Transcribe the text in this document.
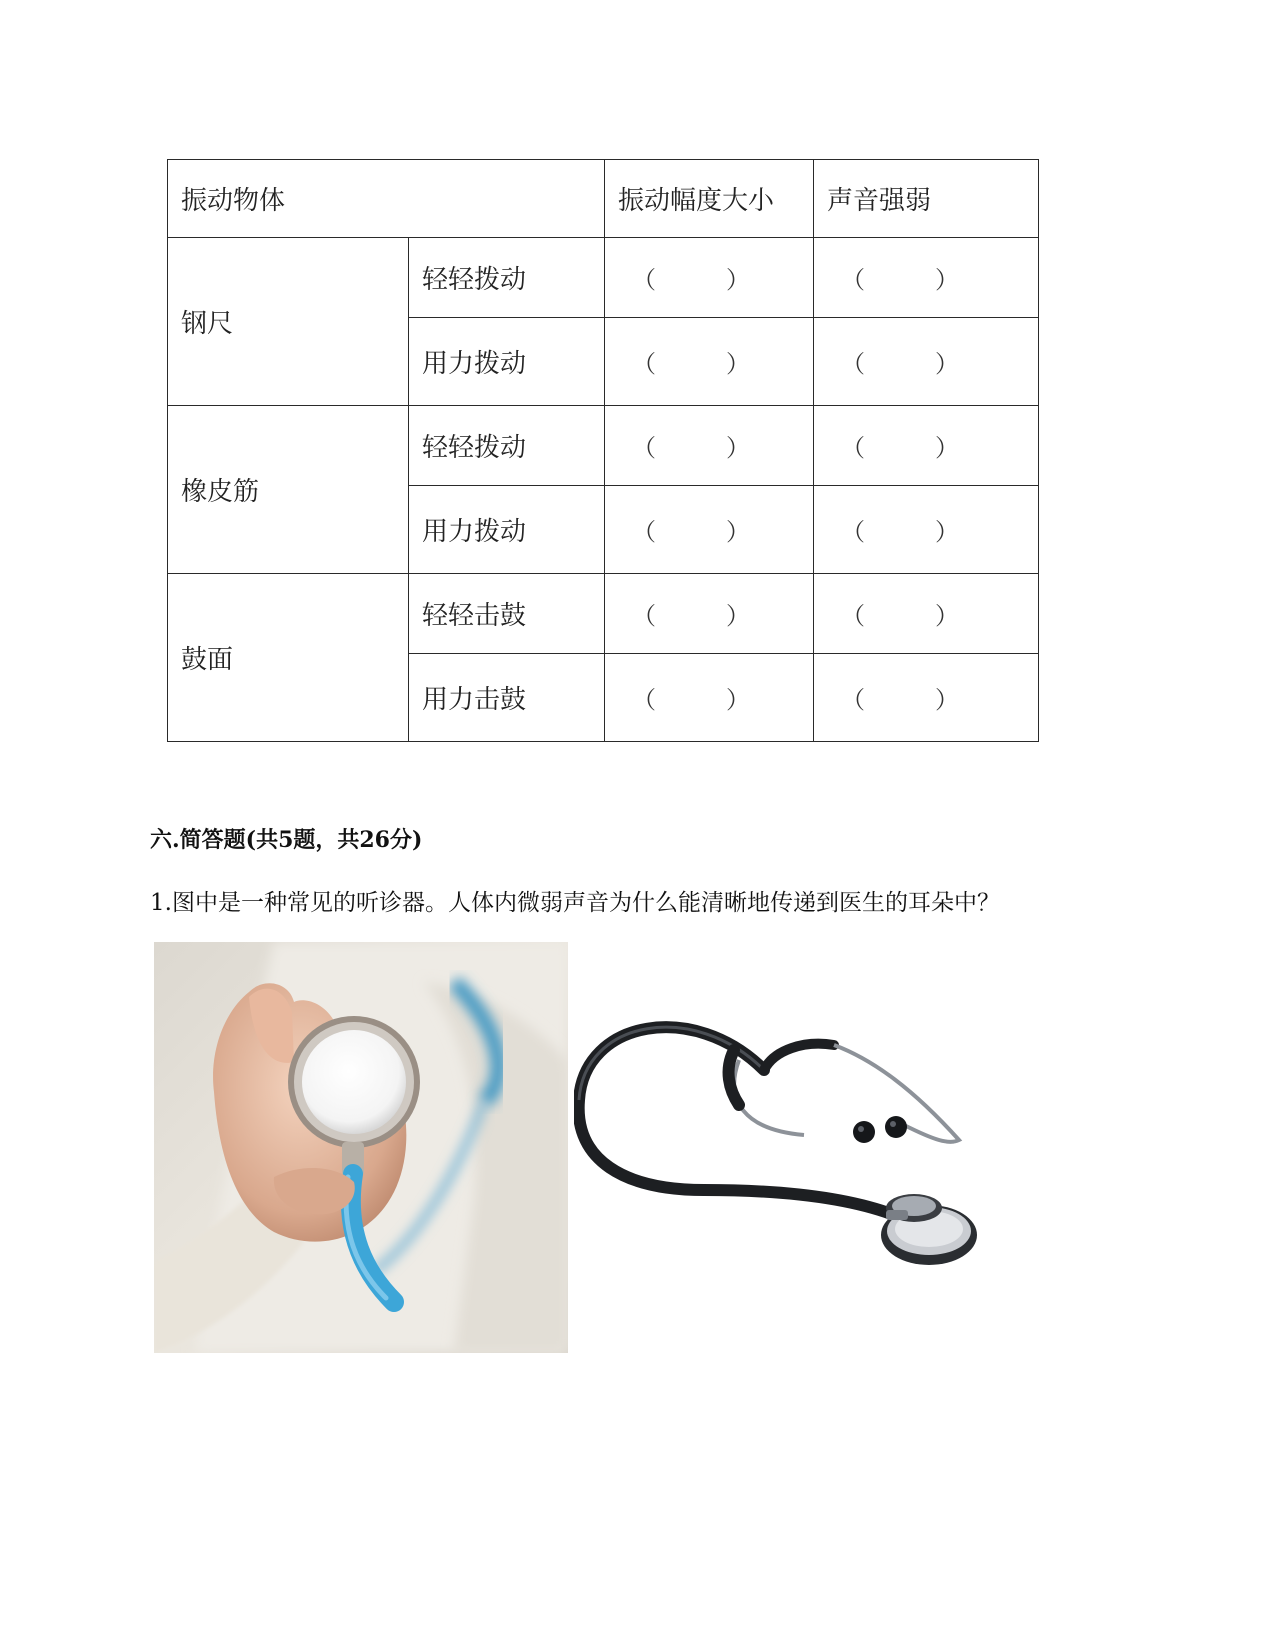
振动物体		振动幅度大小	声音强弱
钢尺	轻轻拨动	（ ）	（ ）

	用力拨动	（ ）	（ ）

橡皮筋	轻轻拨动	（ ）	（ ）

	用力拨动	（ ）	（ ）

鼓面	轻轻击鼓	（ ）	（ ）

	用力击鼓	（ ）	（ ）
六.简答题(共5题，共26分)

1.图中是一种常见的听诊器。人体内微弱声音为什么能清晰地传递到医生的耳朵中？
